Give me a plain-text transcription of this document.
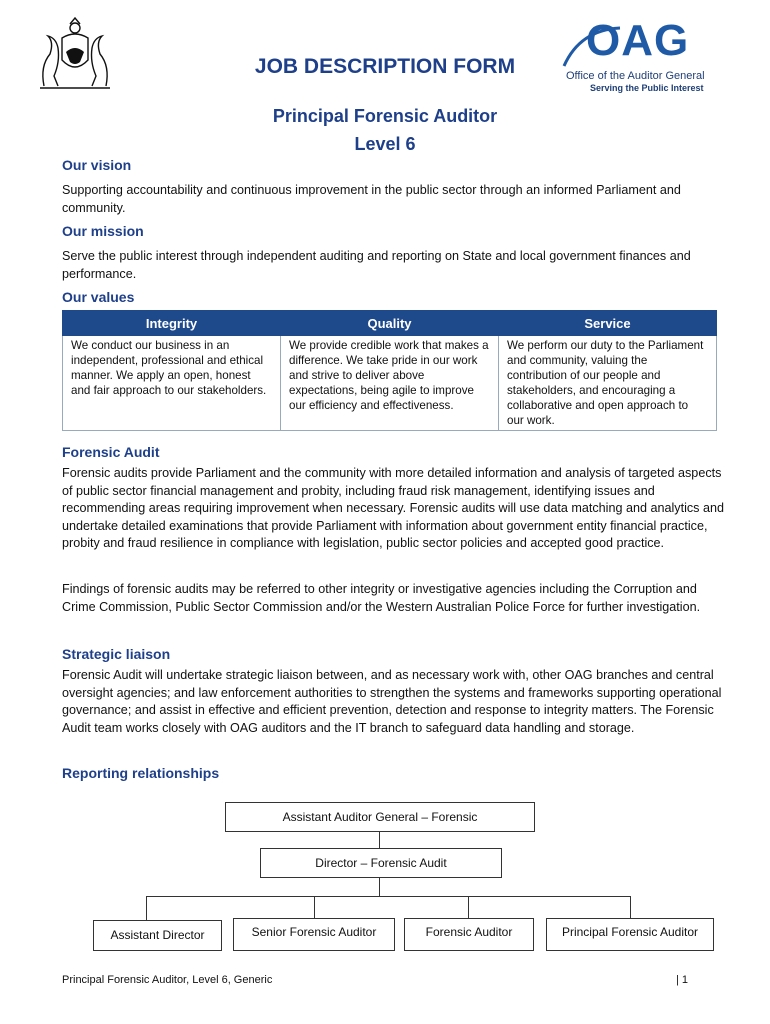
OAG
Office of the Auditor General
Serving the Public Interest
JOB DESCRIPTION FORM
Principal Forensic Auditor
Level 6
Our vision

Supporting accountability and continuous improvement in the public sector through an informed Parliament and community.

Our mission

Serve the public interest through independent auditing and reporting on State and local government finances and performance.

Our values
Integrity	Quality	Service
We conduct our business in an independent, professional and ethical manner. We apply an open, honest and fair approach to our stakeholders.	We provide credible work that makes a difference. We take pride in our work and strive to deliver above expectations, being agile to improve our efficiency and effectiveness.	We perform our duty to the Parliament and community, valuing the contribution of our people and stakeholders, and encouraging a collaborative and open approach to our work.
Forensic Audit

Forensic audits provide Parliament and the community with more detailed information and analysis of targeted aspects of public sector financial management and probity, including fraud risk management, identifying issues and recommending areas requiring improvement when necessary. Forensic audits will use data matching and analytics and undertake detailed examinations that provide Parliament with information about government entity financial practice, probity and fraud resilience in compliance with legislation, public sector policies and accepted good practice.

Findings of forensic audits may be referred to other integrity or investigative agencies including the Corruption and Crime Commission, Public Sector Commission and/or the Western Australian Police Force for further investigation.

Strategic liaison

Forensic Audit will undertake strategic liaison between, and as necessary work with, other OAG branches and central oversight agencies; and law enforcement authorities to strengthen the systems and frameworks supporting operational governance; and assist in effective and efficient prevention, detection and response to integrity matters. The Forensic Audit team works closely with OAG auditors and the IT branch to safeguard data handling and storage.

Reporting relationships
Assistant Auditor General – Forensic
Director – Forensic Audit
Assistant Director	Senior Forensic Auditor	Forensic Auditor	Principal Forensic Auditor
Principal Forensic Auditor, Level 6, Generic	| 1
